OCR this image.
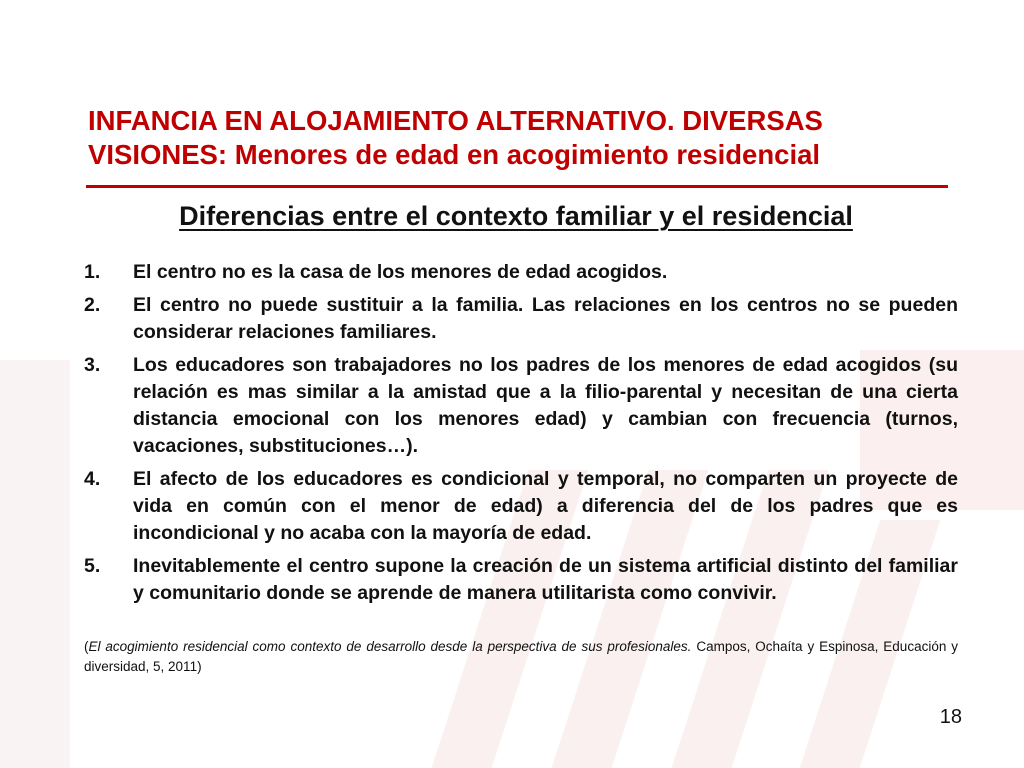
INFANCIA EN ALOJAMIENTO ALTERNATIVO. DIVERSAS VISIONES: Menores de edad en acogimiento residencial
Diferencias entre el contexto familiar y el residencial
1.	El centro no es la casa de los menores de edad acogidos.
2.	El centro no puede sustituir a la familia. Las relaciones en los centros no se pueden considerar relaciones familiares.
3.	Los educadores son trabajadores no los padres de los menores de edad acogidos (su relación es mas similar a la amistad que a la filio-parental y necesitan de una cierta distancia emocional con los menores edad) y cambian con frecuencia (turnos, vacaciones, substituciones…).
4.	El afecto de los educadores es condicional y temporal, no comparten un proyecte de vida en común con el menor de edad) a diferencia del de los padres que es incondicional y no acaba con la mayoría de edad.
5.	Inevitablemente el centro supone la creación de un sistema artificial distinto del familiar y comunitario donde se aprende de manera utilitarista como convivir.

(El acogimiento residencial como contexto de desarrollo desde la perspectiva de sus profesionales. Campos, Ochaíta y Espinosa, Educación y diversidad, 5, 2011)

18
